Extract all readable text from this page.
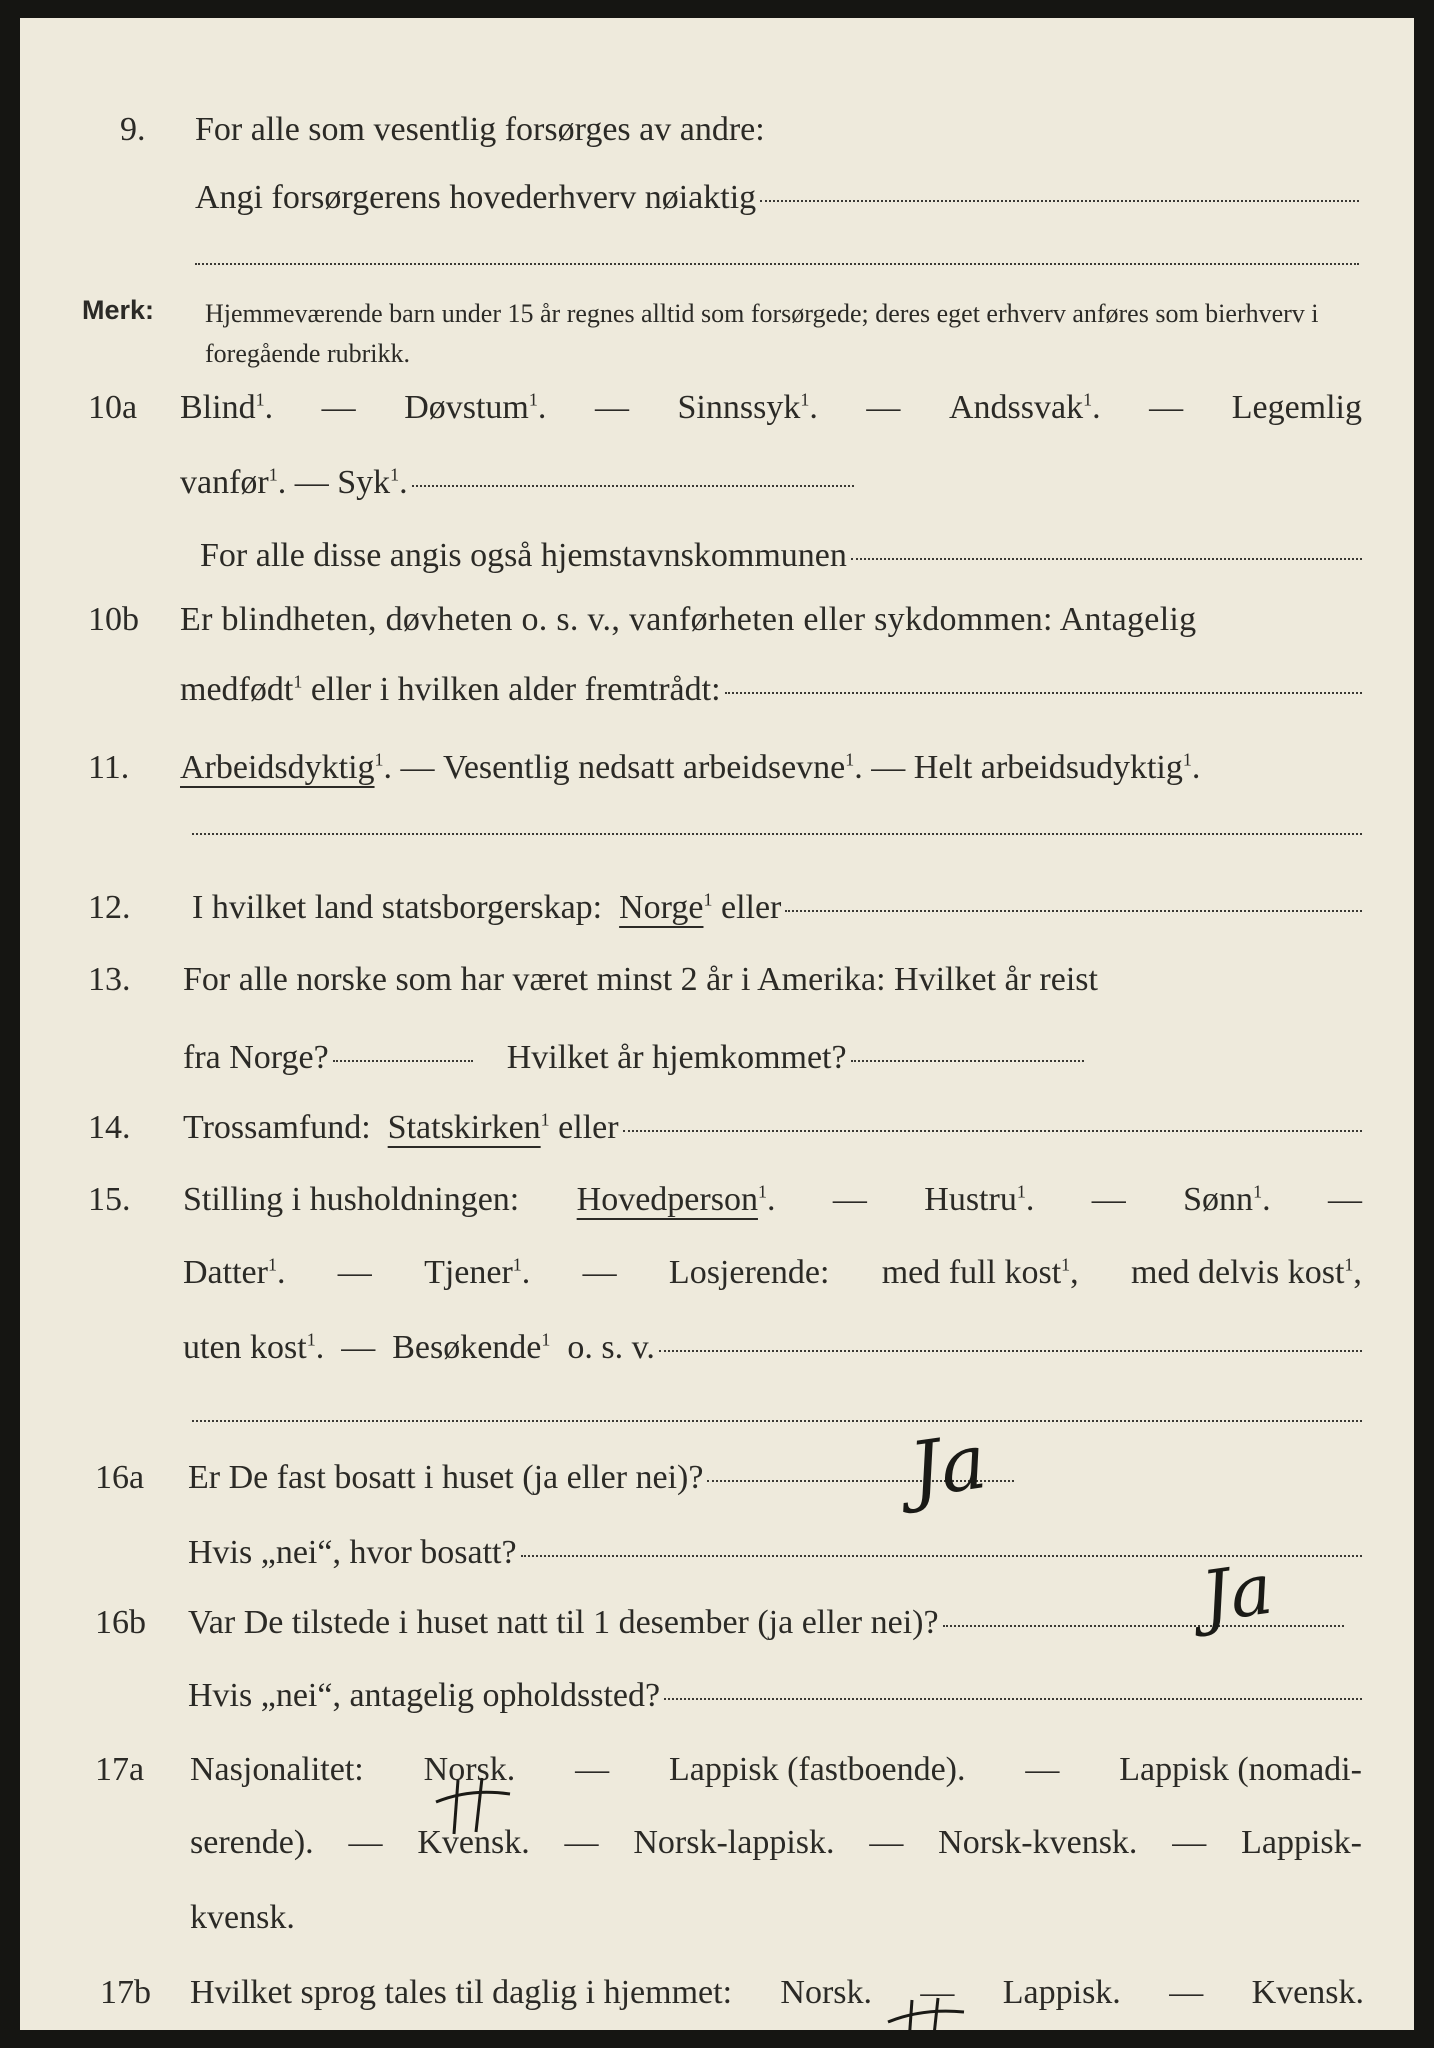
9. For alle som vesentlig forsørges av andre:
Angi forsørgerens hovederhverv nøiaktig
Merk: Hjemmeværende barn under 15 år regnes alltid som forsørgede; deres eget erhverv anføres som bierhverv i foregående rubrikk.
10a Blind$^1$. — Døvstum$^1$. — Sinnssyk$^1$. — Andssvak$^1$. — Legemlig
vanfør$^1$.
—
Syk$^1$.
For alle disse angis også hjemstavnskommunen
10b Er blindheten, døvheten o. s. v., vanførheten eller sykdommen: Antagelig
medfødt$^1$
eller i hvilken alder fremtrådt:
11. Arbeidsdyktig$^1$.
—
Vesentlig nedsatt arbeidsevne$^1$.
—
Helt arbeidsudyktig$^1$.
12. I hvilket land statsborgerskap:
Norge$^1$
eller
13. For alle norske som har været minst 2 år i Amerika: Hvilket år reist
fra Norge?
	Hvilket år hjemkommet?
14. Trossamfund:
Statskirken$^1$
eller
15. Stilling i husholdningen: Hovedperson$^1$. — Hustru$^1$. — Sønn$^1$. —
Datter$^1$. — Tjener$^1$. — Losjerende: med full kost$^1$, med delvis kost$^1$,
uten kost$^1$.
—
Besøkende$^1$
o. s. v.
16a Er De fast bosatt i huset (ja eller nei)?	Ja
Hvis „nei“, hvor bosatt?
16b Var De tilstede i huset natt til 1 desember (ja eller nei)?	Ja
Hvis „nei“, antagelig opholdssted?
17a Nasjonalitet: Norsk. — Lappisk (fastboende). — Lappisk (nomadi-
serende). — Kvensk. — Norsk-lappisk. — Norsk-kvensk. — Lappisk-
kvensk.
17b Hvilket sprog tales til daglig i hjemmet: Norsk. — Lappisk. — Kvensk.
